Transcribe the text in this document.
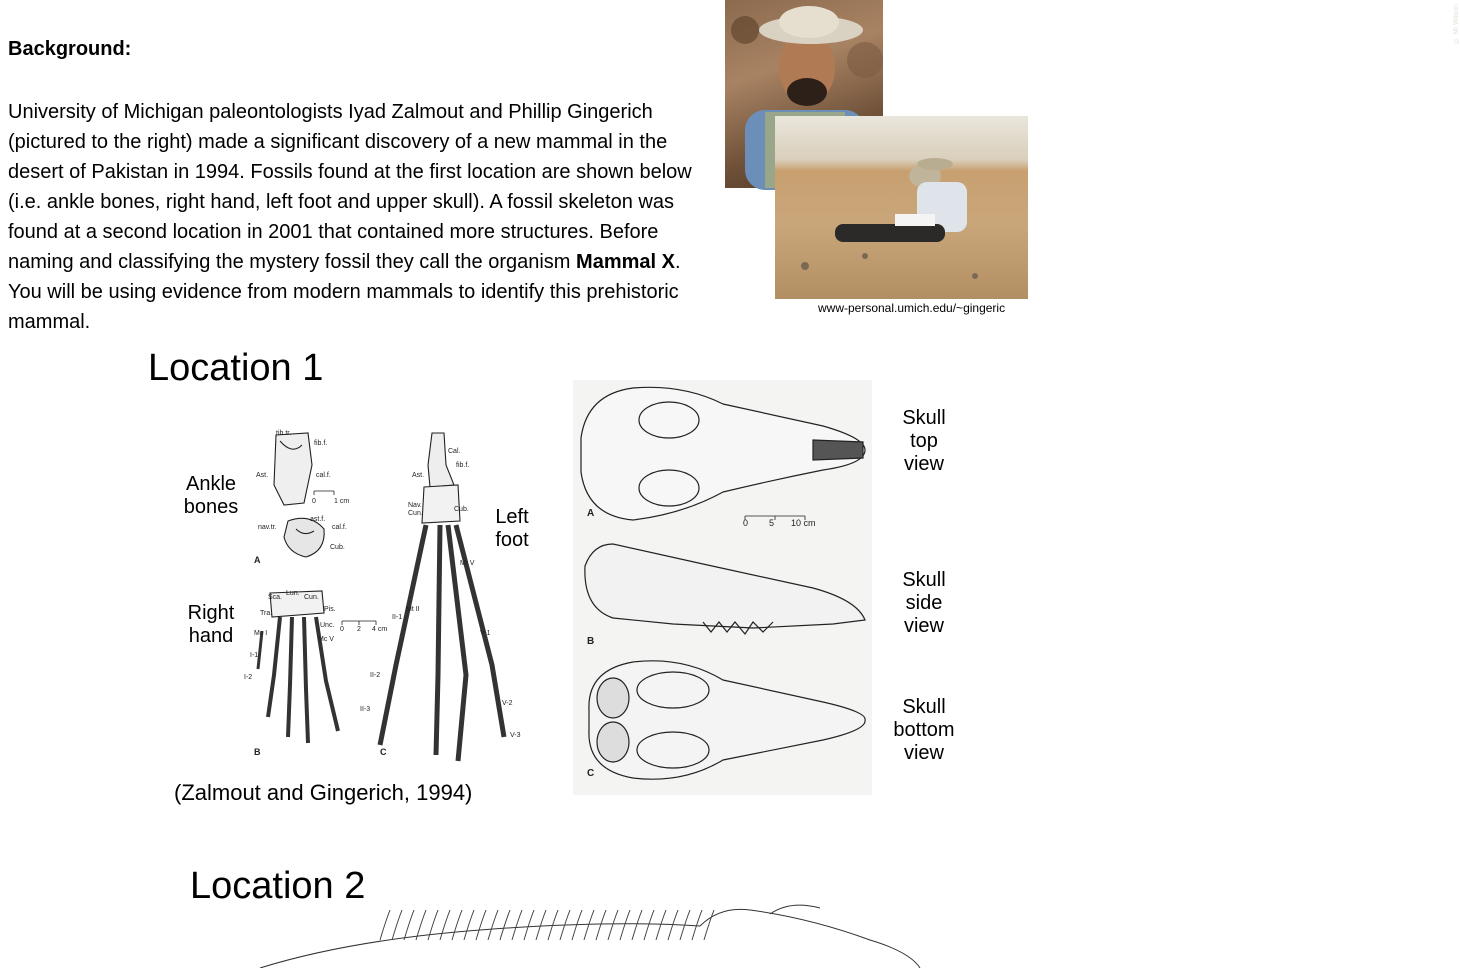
Background:
University of Michigan paleontologists Iyad Zalmout and Phillip Gingerich (pictured to the right) made a significant discovery of a new mammal in the desert of Pakistan in 1994. Fossils found at the first location are shown below (i.e. ankle bones, right hand, left foot and upper skull). A fossil skeleton was found at a second location in 2001 that contained more structures. Before naming and classifying the mystery fossil they call the organism Mammal X. You will be using evidence from modern mammals to identify this prehistoric mammal.
© Mi Wilson
www-personal.umich.edu/~gingeric
Location 1
Ankle bones
Right hand
Left foot
Skull top view
Skull side view
Skull bottom view
tib.tr.
fib.f.
Ast.	cal.f.
ast.f.
cal.f.
nav.tr.
Cub.
Cal.
fib.f.
Ast.
Nav.
Cun.
Cub.
Mt II
Mt V
Sca.
Lun.
Cun.
Tra.
Pis.
Unc.
Mc I
Mc V
II-1
II-2
II-3
V-1
V-2
V-3
I-1
I-2
0	1 cm
0 2 4 cm
A
B	C
0 5 10 cm
A
B
C
(Zalmout and Gingerich, 1994)
Location 2
